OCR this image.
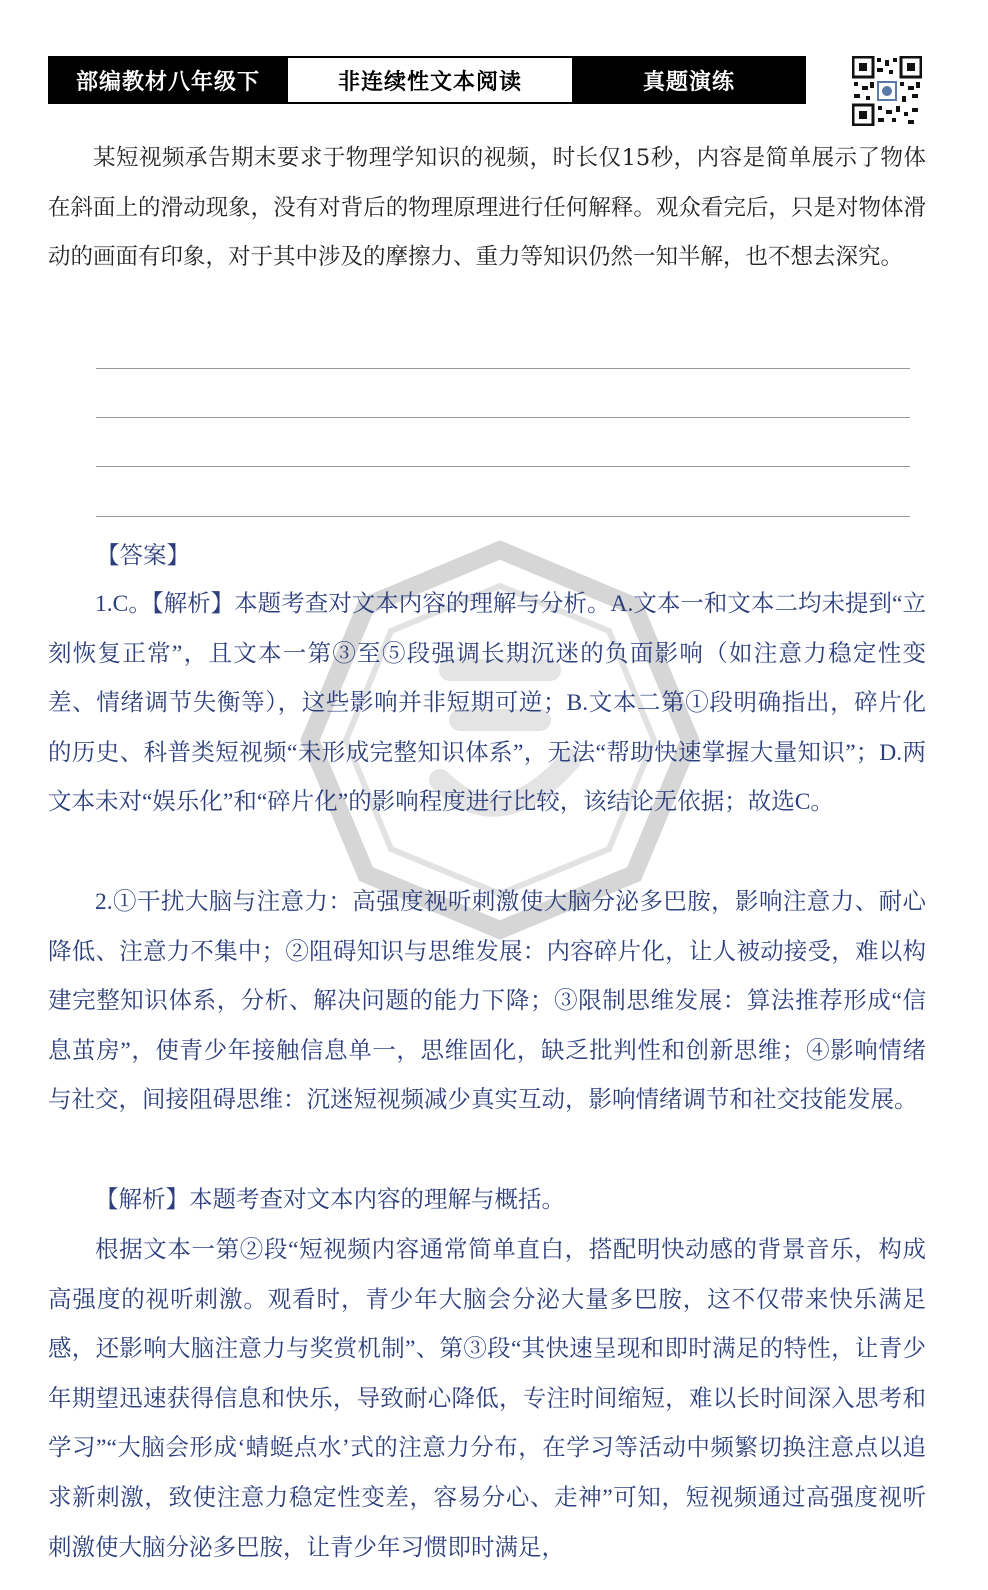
部编教材八年级下	非连续性文本阅读	真题演练

某短视频承告期末要求于物理学知识的视频，时长仅15秒，内容是简单展示了物体在斜面上的滑动现象，没有对背后的物理原理进行任何解释。观众看完后，只是对物体滑动的画面有印象，对于其中涉及的摩擦力、重力等知识仍然一知半解，也不想去深究。

【答案】

1.C。【解析】本题考查对文本内容的理解与分析。A.文本一和文本二均未提到“立刻恢复正常”，且文本一第③至⑤段强调长期沉迷的负面影响（如注意力稳定性变差、情绪调节失衡等），这些影响并非短期可逆；B.文本二第①段明确指出，碎片化的历史、科普类短视频“未形成完整知识体系”，无法“帮助快速掌握大量知识”；D.两文本未对“娱乐化”和“碎片化”的影响程度进行比较，该结论无依据；故选C。

2.①干扰大脑与注意力：高强度视听刺激使大脑分泌多巴胺，影响注意力、耐心降低、注意力不集中；②阻碍知识与思维发展：内容碎片化，让人被动接受，难以构建完整知识体系，分析、解决问题的能力下降；③限制思维发展：算法推荐形成“信息茧房”，使青少年接触信息单一，思维固化，缺乏批判性和创新思维；④影响情绪与社交，间接阻碍思维：沉迷短视频减少真实互动，影响情绪调节和社交技能发展。

【解析】本题考查对文本内容的理解与概括。

根据文本一第②段“短视频内容通常简单直白，搭配明快动感的背景音乐，构成高强度的视听刺激。观看时，青少年大脑会分泌大量多巴胺，这不仅带来快乐满足感，还影响大脑注意力与奖赏机制”、第③段“其快速呈现和即时满足的特性，让青少年期望迅速获得信息和快乐，导致耐心降低，专注时间缩短，难以长时间深入思考和学习”“大脑会形成‘蜻蜓点水’式的注意力分布，在学习等活动中频繁切换注意点以追求新刺激，致使注意力稳定性变差，容易分心、走神”可知，短视频通过高强度视听刺激使大脑分泌多巴胺，让青少年习惯即时满足，
